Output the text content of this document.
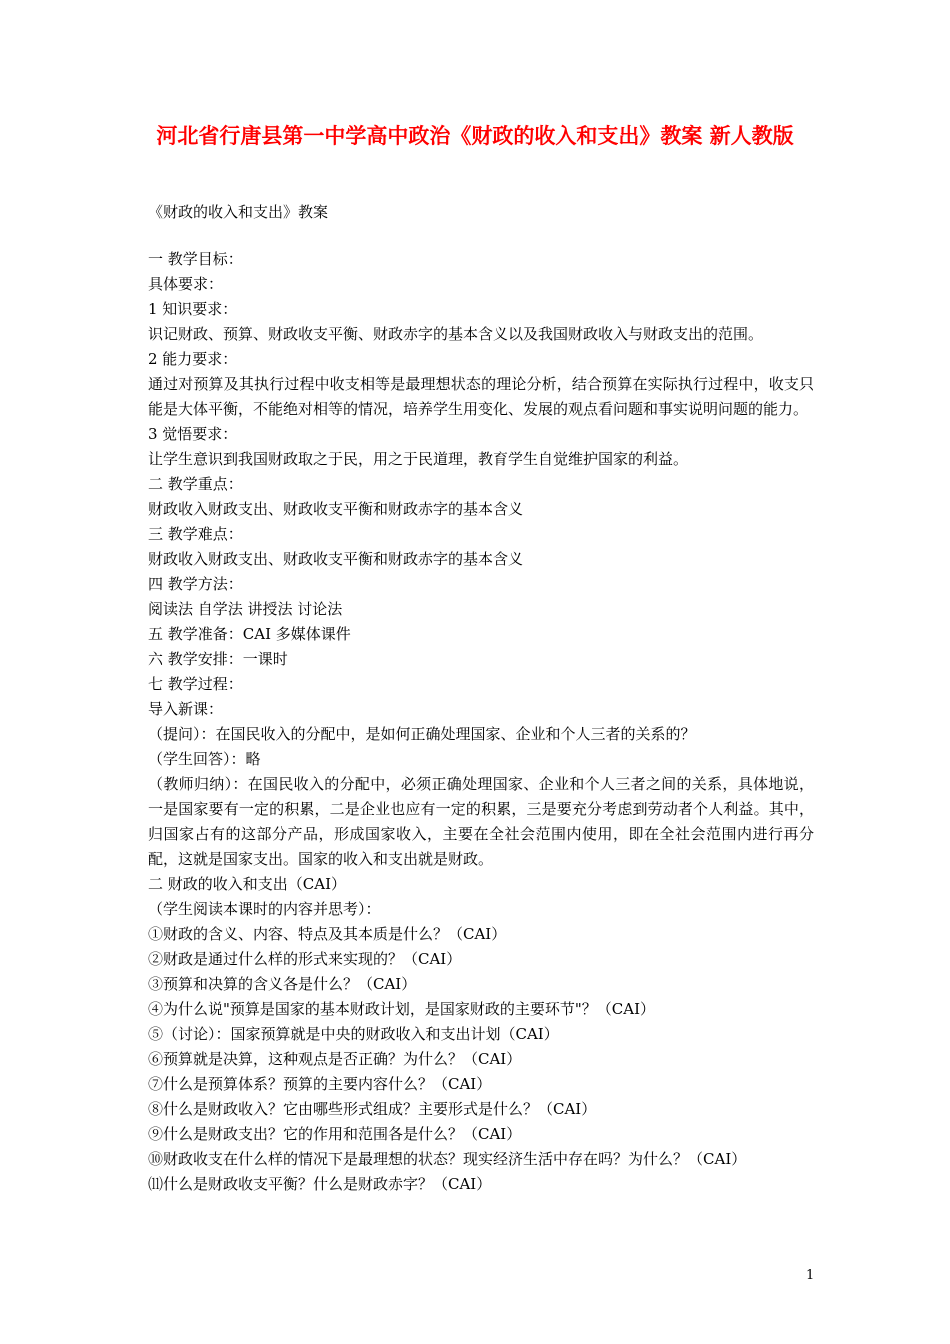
河北省行唐县第一中学高中政治《财政的收入和支出》教案 新人教版

《财政的收入和支出》教案

一 教学目标：

具体要求：

1 知识要求：

识记财政、预算、财政收支平衡、财政赤字的基本含义以及我国财政收入与财政支出的范围。

2 能力要求：

通过对预算及其执行过程中收支相等是最理想状态的理论分析，结合预算在实际执行过程中，收支只能是大体平衡，不能绝对相等的情况，培养学生用变化、发展的观点看问题和事实说明问题的能力。

3 觉悟要求：

让学生意识到我国财政取之于民，用之于民道理，教育学生自觉维护国家的利益。

二 教学重点：

财政收入财政支出、财政收支平衡和财政赤字的基本含义

三 教学难点：

财政收入财政支出、财政收支平衡和财政赤字的基本含义

四 教学方法：

阅读法 自学法 讲授法 讨论法

五 教学准备：CAI 多媒体课件

六 教学安排：一课时

七 教学过程：

导入新课：

（提问）：在国民收入的分配中，是如何正确处理国家、企业和个人三者的关系的？

（学生回答）：略

（教师归纳）：在国民收入的分配中，必须正确处理国家、企业和个人三者之间的关系，具体地说，一是国家要有一定的积累，二是企业也应有一定的积累，三是要充分考虑到劳动者个人利益。其中，归国家占有的这部分产品，形成国家收入，主要在全社会范围内使用，即在全社会范围内进行再分配，这就是国家支出。国家的收入和支出就是财政。

二 财政的收入和支出（CAI）

（学生阅读本课时的内容并思考）：

①财政的含义、内容、特点及其本质是什么？（CAI）

②财政是通过什么样的形式来实现的？（CAI）

③预算和决算的含义各是什么？（CAI）

④为什么说"预算是国家的基本财政计划，是国家财政的主要环节"？（CAI）

⑤（讨论）：国家预算就是中央的财政收入和支出计划（CAI）

⑥预算就是决算，这种观点是否正确？为什么？（CAI）

⑦什么是预算体系？预算的主要内容什么？（CAI）

⑧什么是财政收入？它由哪些形式组成？主要形式是什么？（CAI）

⑨什么是财政支出？它的作用和范围各是什么？（CAI）

⑩财政收支在什么样的情况下是最理想的状态？现实经济生活中存在吗？为什么？（CAI）

⑾什么是财政收支平衡？什么是财政赤字？（CAI）

1
